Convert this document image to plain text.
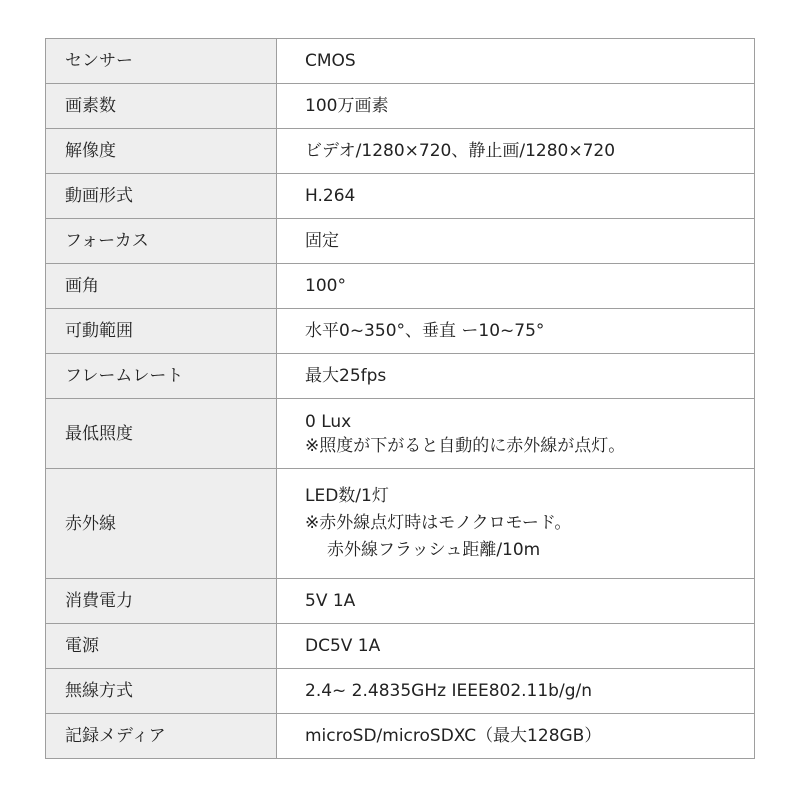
センサー	CMOS

画素数	100万画素

解像度	ビデオ/1280×720、静止画/1280×720

動画形式	H.264

フォーカス	固定

画角	100°

可動範囲	水平0~350°、垂直 ー10~75°

フレームレート	最大25fps

最低照度	0 Lux
※照度が下がると自動的に赤外線が点灯。

赤外線	LED数/1灯
※赤外線点灯時はモノクロモード。
赤外線フラッシュ距離/10m

消費電力	5V 1A

電源	DC5V 1A

無線方式	2.4~ 2.4835GHz IEEE802.11b/g/n

記録メディア	microSD/microSDXC（最大128GB）
